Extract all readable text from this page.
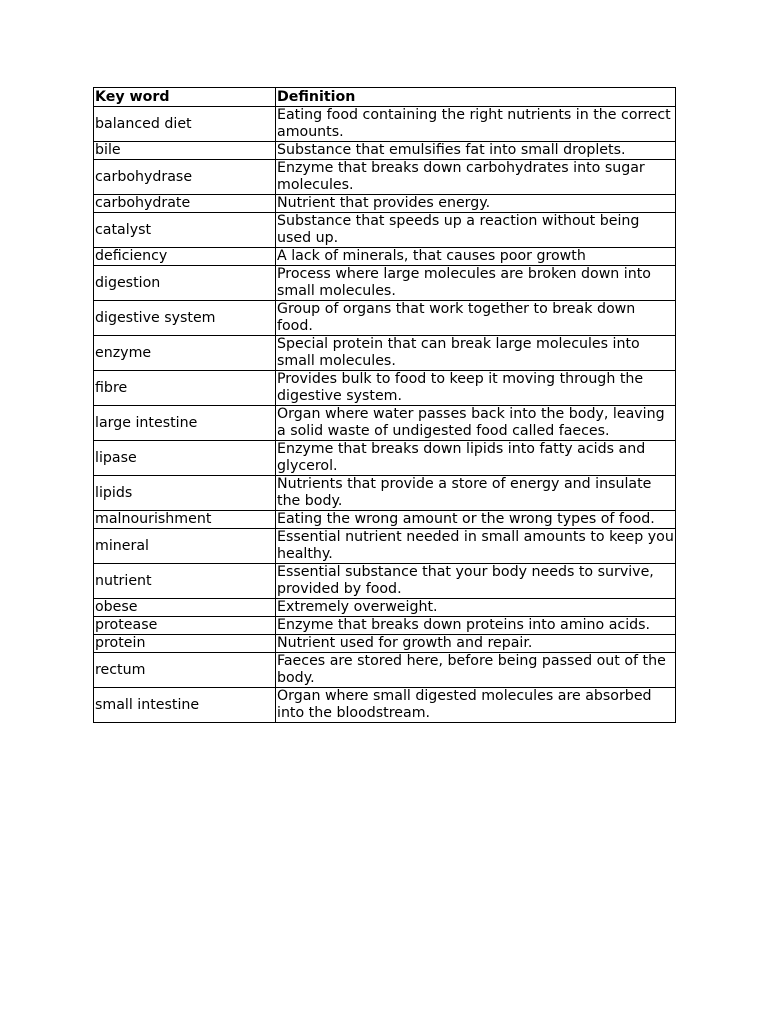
Key word	Definition
balanced diet	Eating food containing the right nutrients in the correct amounts.
bile	Substance that emulsifies fat into small droplets.
carbohydrase	Enzyme that breaks down carbohydrates into sugar molecules.
carbohydrate	Nutrient that provides energy.
catalyst	Substance that speeds up a reaction without being used up.
deficiency	A lack of minerals, that causes poor growth
digestion	Process where large molecules are broken down into small molecules.
digestive system	Group of organs that work together to break down food.
enzyme	Special protein that can break large molecules into small molecules.
fibre	Provides bulk to food to keep it moving through the digestive system.
large intestine	Organ where water passes back into the body, leaving a solid waste of undigested food called faeces.
lipase	Enzyme that breaks down lipids into fatty acids and glycerol.
lipids	Nutrients that provide a store of energy and insulate the body.
malnourishment	Eating the wrong amount or the wrong types of food.
mineral	Essential nutrient needed in small amounts to keep you healthy.
nutrient	Essential substance that your body needs to survive, provided by food.
obese	Extremely overweight.
protease	Enzyme that breaks down proteins into amino acids.
protein	Nutrient used for growth and repair.
rectum	Faeces are stored here, before being passed out of the body.
small intestine	Organ where small digested molecules are absorbed into the bloodstream.
